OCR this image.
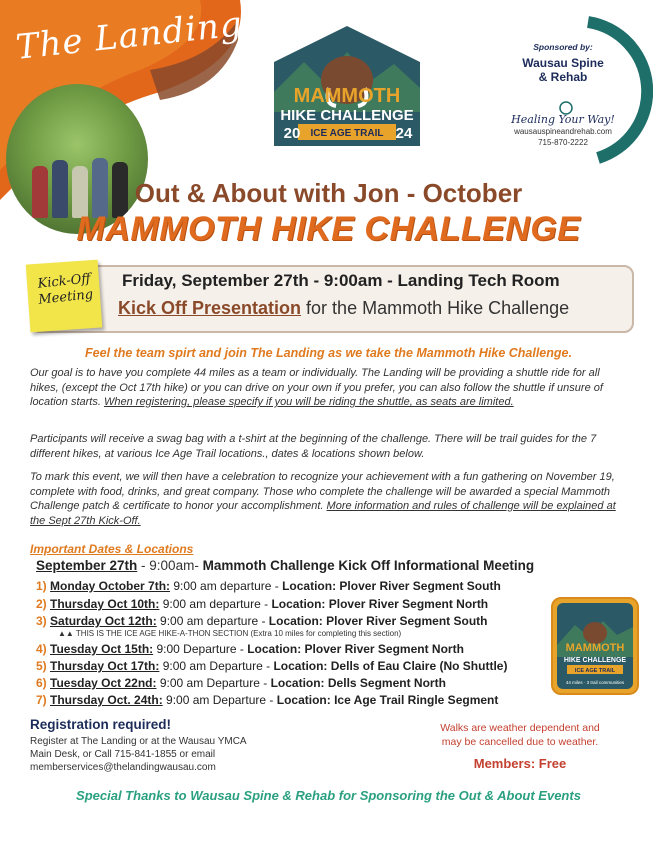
The Landing
MAMMOTH
HIKE CHALLENGE
20 ICE AGE TRAIL 24
Sponsored by:
Wausau Spine
& Rehab
Healing Your Way!
wausauspineandrehab.com
715-870-2222
Out & About with Jon - October
MAMMOTH HIKE CHALLENGE
Kick-Off Meeting
Friday, September 27th - 9:00am - Landing Tech Room
Kick Off Presentation for the Mammoth Hike Challenge
Feel the team spirt and join The Landing as we take the Mammoth Hike Challenge.
Our goal is to have you complete 44 miles as a team or individually. The Landing will be providing a shuttle ride for all hikes, (except the Oct 17th hike) or you can drive on your own if you prefer, you can also follow the shuttle if unsure of location starts. When registering, please specify if you will be riding the shuttle, as seats are limited.
Participants will receive a swag bag with a t-shirt at the beginning of the challenge. There will be trail guides for the 7 different hikes, at various Ice Age Trail locations., dates & locations shown below.
To mark this event, we will then have a celebration to recognize your achievement with a fun gathering on November 19, complete with food, drinks, and great company. Those who complete the challenge will be awarded a special Mammoth Challenge patch & certificate to honor your accomplishment. More information and rules of challenge will be explained at the Sept 27th Kick-Off.
Important Dates & Locations
September 27th - 9:00am- Mammoth Challenge Kick Off Informational Meeting
1) Monday October 7th: 9:00 am departure - Location: Plover River Segment South
2) Thursday Oct 10th: 9:00 am departure - Location: Plover River Segment North
3) Saturday Oct 12th: 9:00 am departure - Location: Plover River Segment South
▲▲ THIS IS THE ICE AGE HIKE-A-THON SECTION (Extra 10 miles for completing this section)
4) Tuesday Oct 15th: 9:00 Departure - Location: Plover River Segment North
5) Thursday Oct 17th: 9:00 am Departure - Location: Dells of Eau Claire (No Shuttle)
6) Tuesday Oct 22nd: 9:00 am Departure - Location: Dells Segment North
7) Thursday Oct. 24th: 9:00 am Departure - Location: Ice Age Trail Ringle Segment
MAMMOTH
HIKE CHALLENGE
ICE AGE TRAIL
44 miles · 3 trail communities
Registration required!
Register at The Landing or at the Wausau YMCA
Main Desk, or Call 715-841-1855 or email
memberservices@thelandingwausau.com
Walks are weather dependent and
may be cancelled due to weather.
Members: Free
Special Thanks to Wausau Spine & Rehab for Sponsoring the Out & About Events
